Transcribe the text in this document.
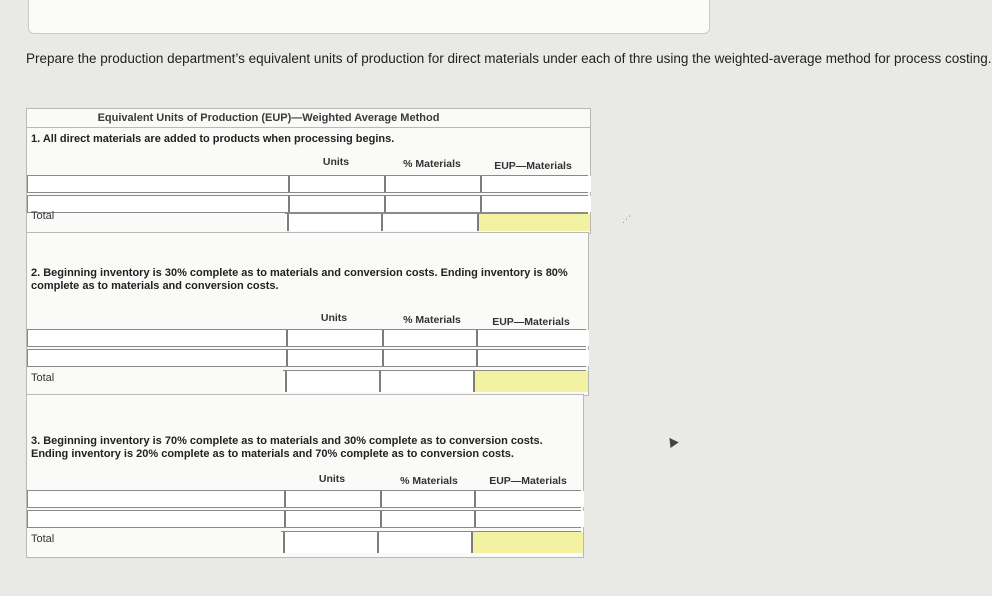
Prepare the production department’s equivalent units of production for direct materials under each of thre using the weighted-average method for process costing.
Equivalent Units of Production (EUP)—Weighted Average Method
1. All direct materials are added to products when processing begins.
Units	% Materials	EUP—Materials
Total
2. Beginning inventory is 30% complete as to materials and conversion costs. Ending inventory is 80% complete as to materials and conversion costs.
Units	% Materials	EUP—Materials
Total
3. Beginning inventory is 70% complete as to materials and 30% complete as to conversion costs. Ending inventory is 20% complete as to materials and 70% complete as to conversion costs.
Units	% Materials	EUP—Materials
Total
⋰
